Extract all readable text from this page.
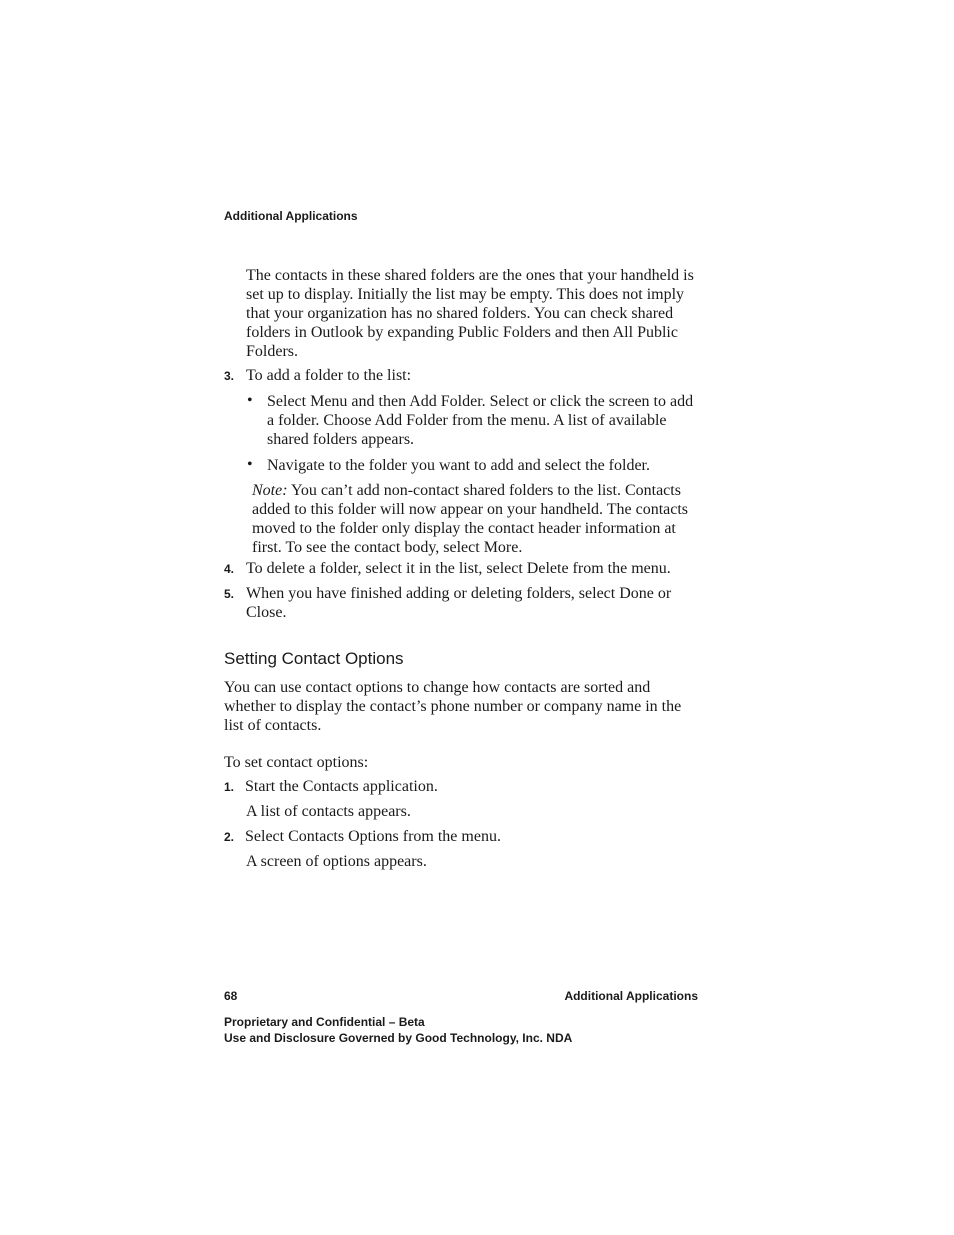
Additional Applications

The contacts in these shared folders are the ones that your handheld is set up to display. Initially the list may be empty. This does not imply that your organization has no shared folders. You can check shared folders in Outlook by expanding Public Folders and then All Public Folders.

3. To add a folder to the list:

• Select Menu and then Add Folder. Select or click the screen to add a folder. Choose Add Folder from the menu. A list of available shared folders appears.

• Navigate to the folder you want to add and select the folder.

Note: You can’t add non-contact shared folders to the list. Contacts added to this folder will now appear on your handheld. The contacts moved to the folder only display the contact header information at first. To see the contact body, select More.

4. To delete a folder, select it in the list, select Delete from the menu.

5. When you have finished adding or deleting folders, select Done or Close.

Setting Contact Options

You can use contact options to change how contacts are sorted and whether to display the contact’s phone number or company name in the list of contacts.

To set contact options:

1. Start the Contacts application.

A list of contacts appears.

2. Select Contacts Options from the menu.

A screen of options appears.

68	Additional Applications
Proprietary and Confidential – Beta
Use and Disclosure Governed by Good Technology, Inc. NDA
